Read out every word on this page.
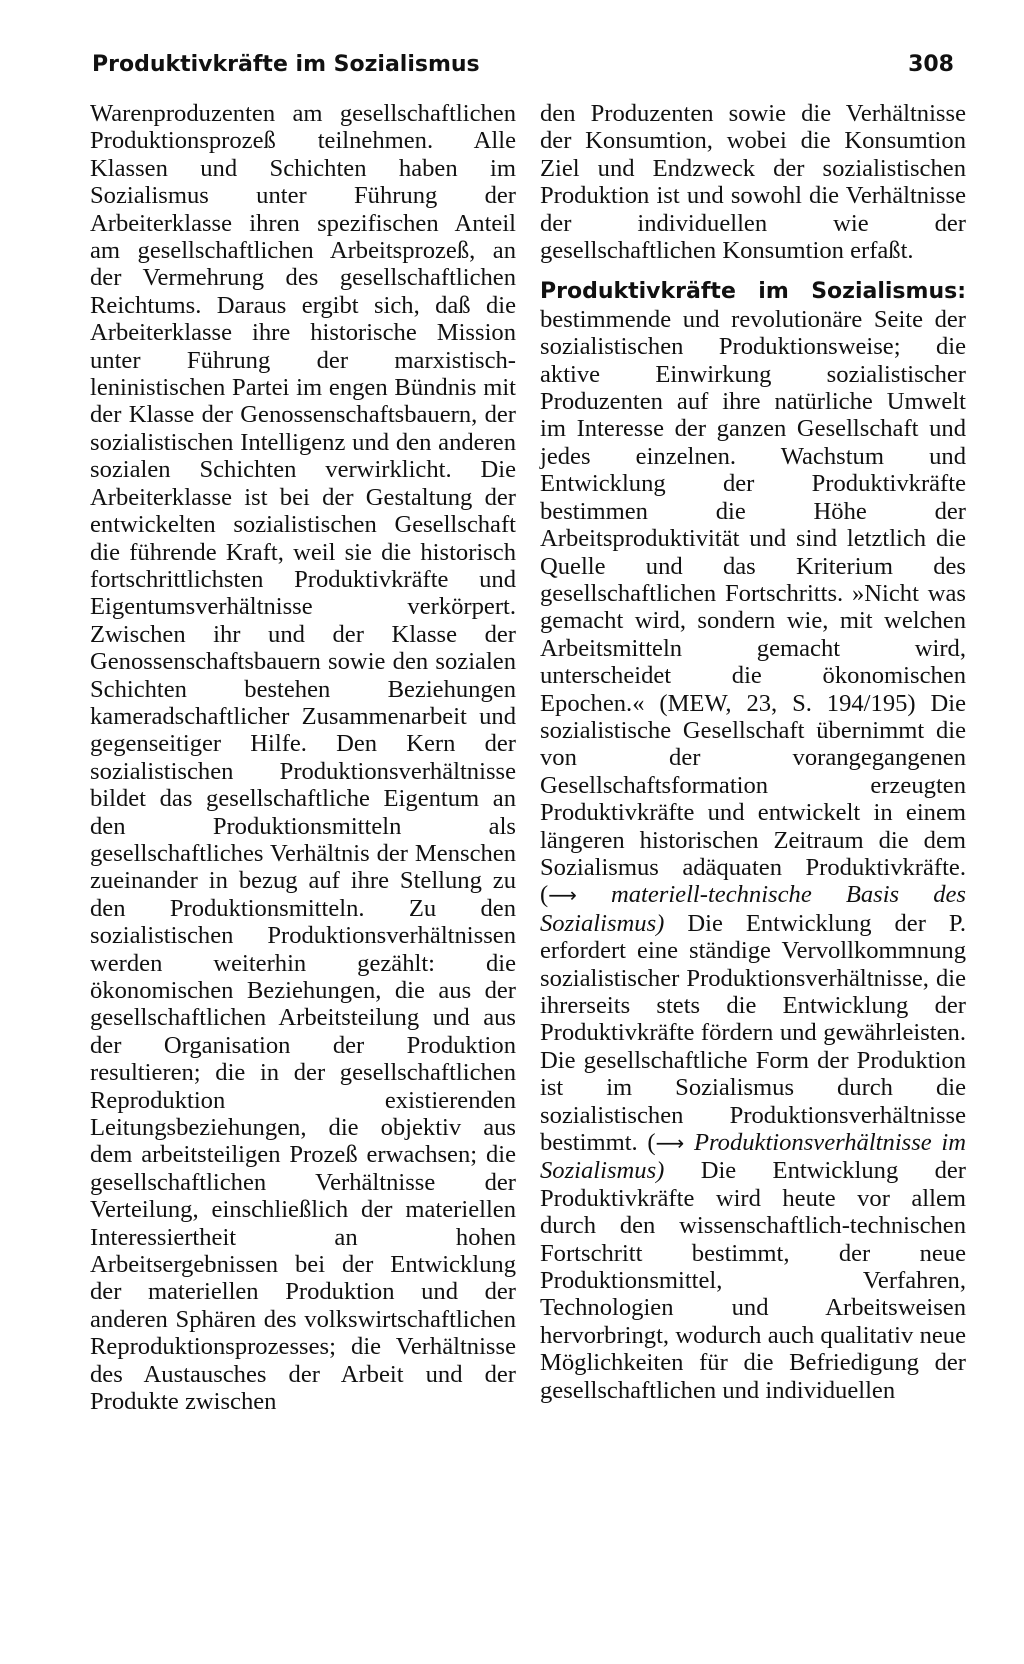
Produktivkräfte im Sozialismus	308

Warenproduzenten am gesellschaftlichen Produktionsprozeß teilnehmen. Alle Klassen und Schichten haben im Sozialismus unter Führung der Arbeiterklasse ihren spezifischen Anteil am gesellschaftlichen Arbeitsprozeß, an der Vermehrung des gesellschaftlichen Reichtums. Daraus ergibt sich, daß die Arbeiterklasse ihre historische Mission unter Führung der marxistisch-leninistischen Partei im engen Bündnis mit der Klasse der Genossenschaftsbauern, der sozialistischen Intelligenz und den anderen sozialen Schichten verwirklicht. Die Arbeiterklasse ist bei der Gestaltung der entwickelten sozialistischen Gesellschaft die führende Kraft, weil sie die historisch fortschrittlichsten Produktivkräfte und Eigentumsverhältnisse verkörpert. Zwischen ihr und der Klasse der Genossenschaftsbauern sowie den sozialen Schichten bestehen Beziehungen kameradschaftlicher Zusammenarbeit und gegenseitiger Hilfe. Den Kern der sozialistischen Produktionsverhältnisse bildet das gesellschaftliche Eigentum an den Produktionsmitteln als gesellschaftliches Verhältnis der Menschen zueinander in bezug auf ihre Stellung zu den Produktionsmitteln. Zu den sozialistischen Produktionsverhältnissen werden weiterhin gezählt: die ökonomischen Beziehungen, die aus der gesellschaftlichen Arbeitsteilung und aus der Organisation der Produktion resultieren; die in der gesellschaftlichen Reproduktion existierenden Leitungsbeziehungen, die objektiv aus dem arbeitsteiligen Prozeß erwachsen; die gesellschaftlichen Verhältnisse der Verteilung, einschließlich der materiellen Interessiertheit an hohen Arbeitsergebnissen bei der Entwicklung der materiellen Produktion und der anderen Sphären des volkswirtschaftlichen Reproduktionsprozesses; die Verhältnisse des Austausches der Arbeit und der Produkte zwischen

den Produzenten sowie die Verhältnisse der Konsumtion, wobei die Konsumtion Ziel und Endzweck der sozialistischen Produktion ist und sowohl die Verhältnisse der individuellen wie der gesellschaftlichen Konsumtion erfaßt.

Produktivkräfte im Sozialismus: bestimmende und revolutionäre Seite der sozialistischen Produktionsweise; die aktive Einwirkung sozialistischer Produzenten auf ihre natürliche Umwelt im Interesse der ganzen Gesellschaft und jedes einzelnen. Wachstum und Entwicklung der Produktivkräfte bestimmen die Höhe der Arbeitsproduktivität und sind letztlich die Quelle und das Kriterium des gesellschaftlichen Fortschritts. »Nicht was gemacht wird, sondern wie, mit welchen Arbeitsmitteln gemacht wird, unterscheidet die ökonomischen Epochen.« (MEW, 23, S. 194/195) Die sozialistische Gesellschaft übernimmt die von der vorangegangenen Gesellschaftsformation erzeugten Produktivkräfte und entwickelt in einem längeren historischen Zeitraum die dem Sozialismus adäquaten Produktivkräfte. (⟶ materiell-technische Basis des Sozialismus) Die Entwicklung der P. erfordert eine ständige Vervollkommnung sozialistischer Produktionsverhältnisse, die ihrerseits stets die Entwicklung der Produktivkräfte fördern und gewährleisten. Die gesellschaftliche Form der Produktion ist im Sozialismus durch die sozialistischen Produktionsverhältnisse bestimmt. (⟶ Produktionsverhältnisse im Sozialismus) Die Entwicklung der Produktivkräfte wird heute vor allem durch den wissenschaftlich-technischen Fortschritt bestimmt, der neue Produktionsmittel, Verfahren, Technologien und Arbeitsweisen hervorbringt, wodurch auch qualitativ neue Möglichkeiten für die Befriedigung der gesellschaftlichen und individuellen
